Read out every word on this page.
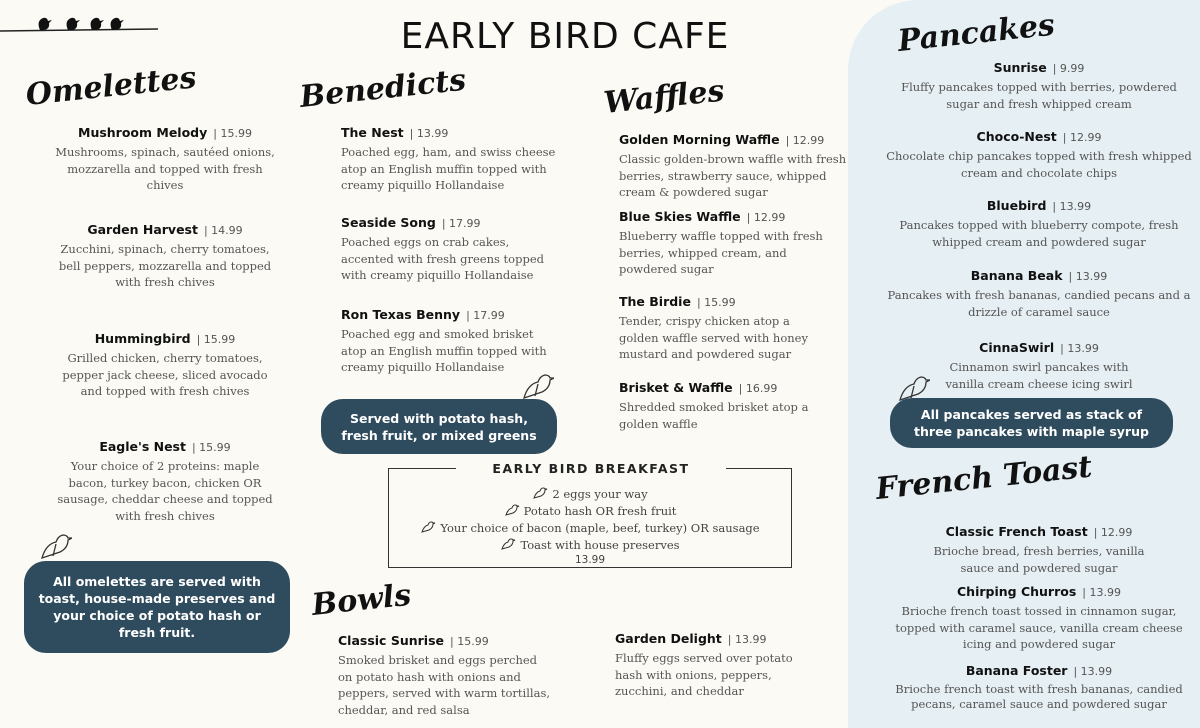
EARLY BIRD CAFE
Omelettes	Benedicts	Waffles
Pancakes
French Toast
Bowls
Mushroom Melody | 15.99
Mushrooms, spinach, sautéed onions, mozzarella and topped with fresh chives
Garden Harvest | 14.99
Zucchini, spinach, cherry tomatoes, bell peppers, mozzarella and topped with fresh chives
Hummingbird | 15.99
Grilled chicken, cherry tomatoes, pepper jack cheese, sliced avocado and topped with fresh chives
Eagle's Nest | 15.99
Your choice of 2 proteins: maple bacon, turkey bacon, chicken OR sausage, cheddar cheese and topped with fresh chives
All omelettes are served with toast, house-made preserves and your choice of potato hash or fresh fruit.
The Nest | 13.99
Poached egg, ham, and swiss cheese atop an English muffin topped with creamy piquillo Hollandaise
Seaside Song | 17.99
Poached eggs on crab cakes, accented with fresh greens topped with creamy piquillo Hollandaise
Ron Texas Benny | 17.99
Poached egg and smoked brisket atop an English muffin topped with creamy piquillo Hollandaise
Served with potato hash, fresh fruit, or mixed greens
Golden Morning Waffle | 12.99
Classic golden-brown waffle with fresh berries, strawberry sauce, whipped cream & powdered sugar
Blue Skies Waffle | 12.99
Blueberry waffle topped with fresh berries, whipped cream, and powdered sugar
The Birdie | 15.99
Tender, crispy chicken atop a golden waffle served with honey mustard and powdered sugar
Brisket & Waffle | 16.99
Shredded smoked brisket atop a golden waffle
EARLY BIRD BREAKFAST
2 eggs your way
Potato hash OR fresh fruit
Your choice of bacon (maple, beef, turkey) OR sausage
Toast with house preserves
13.99
Classic Sunrise | 15.99
Smoked brisket and eggs perched on potato hash with onions and peppers, served with warm tortillas, cheddar, and red salsa
Garden Delight | 13.99
Fluffy eggs served over potato hash with onions, peppers, zucchini, and cheddar
Sunrise | 9.99
Fluffy pancakes topped with berries, powdered sugar and fresh whipped cream
Choco-Nest | 12.99
Chocolate chip pancakes topped with fresh whipped cream and chocolate chips
Bluebird | 13.99
Pancakes topped with blueberry compote, fresh whipped cream and powdered sugar
Banana Beak | 13.99
Pancakes with fresh bananas, candied pecans and a drizzle of caramel sauce
CinnaSwirl | 13.99
Cinnamon swirl pancakes with vanilla cream cheese icing swirl
All pancakes served as stack of three pancakes with maple syrup
Classic French Toast | 12.99
Brioche bread, fresh berries, vanilla sauce and powdered sugar
Chirping Churros | 13.99
Brioche french toast tossed in cinnamon sugar, topped with caramel sauce, vanilla cream cheese icing and powdered sugar
Banana Foster | 13.99
Brioche french toast with fresh bananas, candied pecans, caramel sauce and powdered sugar
